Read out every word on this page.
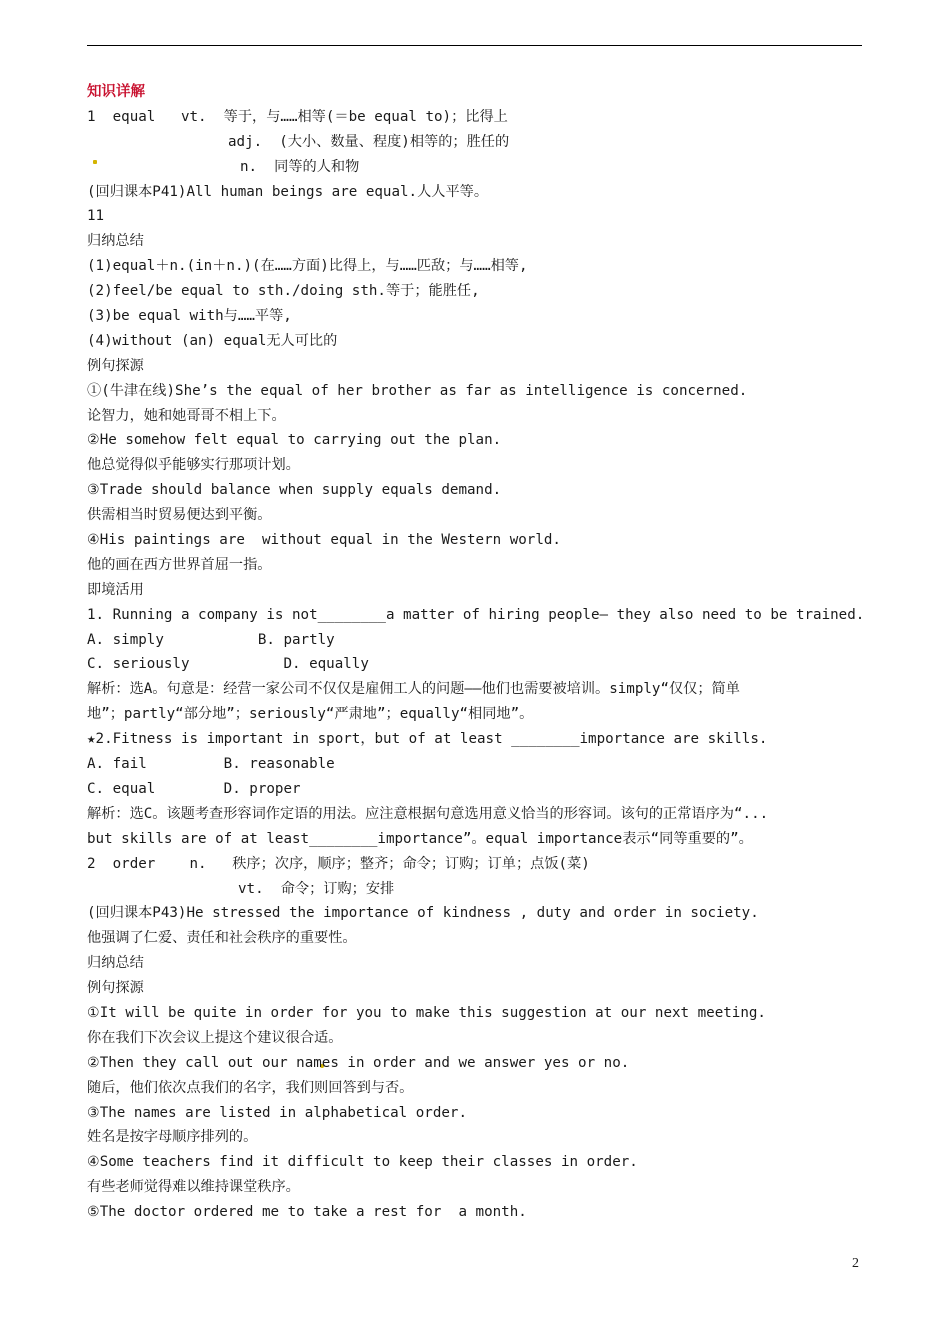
知识详解
1  equal   vt.  等于，与……相等(＝be equal to)；比得上
adj.  (大小、数量、程度)相等的；胜任的
n.  同等的人和物
(回归课本P41)All human beings are equal.人人平等。
11
归纳总结
(1)equal＋n.(in＋n.)(在……方面)比得上，与……匹敌；与……相等,
(2)feel/be equal to sth./doing sth.等于；能胜任,
(3)be equal with与……平等,
(4)without (an) equal无人可比的
例句探源
①(牛津在线)She’s the equal of her brother as far as intelligence is concerned.
论智力，她和她哥哥不相上下。
②He somehow felt equal to carrying out the plan.
他总觉得似乎能够实行那项计划。
③Trade should balance when supply equals demand.
供需相当时贸易便达到平衡。
④His paintings are  without equal in the Western world.
他的画在西方世界首屈一指。
即境活用
1. Running a company is not________a matter of hiring people— they also need to be trained.
A. simply           B. partly
C. seriously           D. equally
解析：选A。句意是：经营一家公司不仅仅是雇佣工人的问题——他们也需要被培训。simply“仅仅；简单
地”；partly“部分地”；seriously“严肃地”；equally“相同地”。
★2.Fitness is important in sport，but of at least ________importance are skills.
A. fail         B. reasonable
C. equal        D. proper
解析：选C。该题考查形容词作定语的用法。应注意根据句意选用意义恰当的形容词。该句的正常语序为“...
but skills are of at least________importance”。equal importance表示“同等重要的”。
2  order    n.   秩序；次序，顺序；整齐；命令；订购；订单；点饭(菜)
vt.  命令；订购；安排
(回归课本P43)He stressed the importance of kindness , duty and order in society.
他强调了仁爱、责任和社会秩序的重要性。
归纳总结
例句探源
①It will be quite in order for you to make this suggestion at our next meeting.
你在我们下次会议上提这个建议很合适。
②Then they call out our names in order and we answer yes or no.
随后，他们依次点我们的名字，我们则回答到与否。
③The names are listed in alphabetical order.
姓名是按字母顺序排列的。
④Some teachers find it difficult to keep their classes in order.
有些老师觉得难以维持课堂秩序。
⑤The doctor ordered me to take a rest for  a month.
2
